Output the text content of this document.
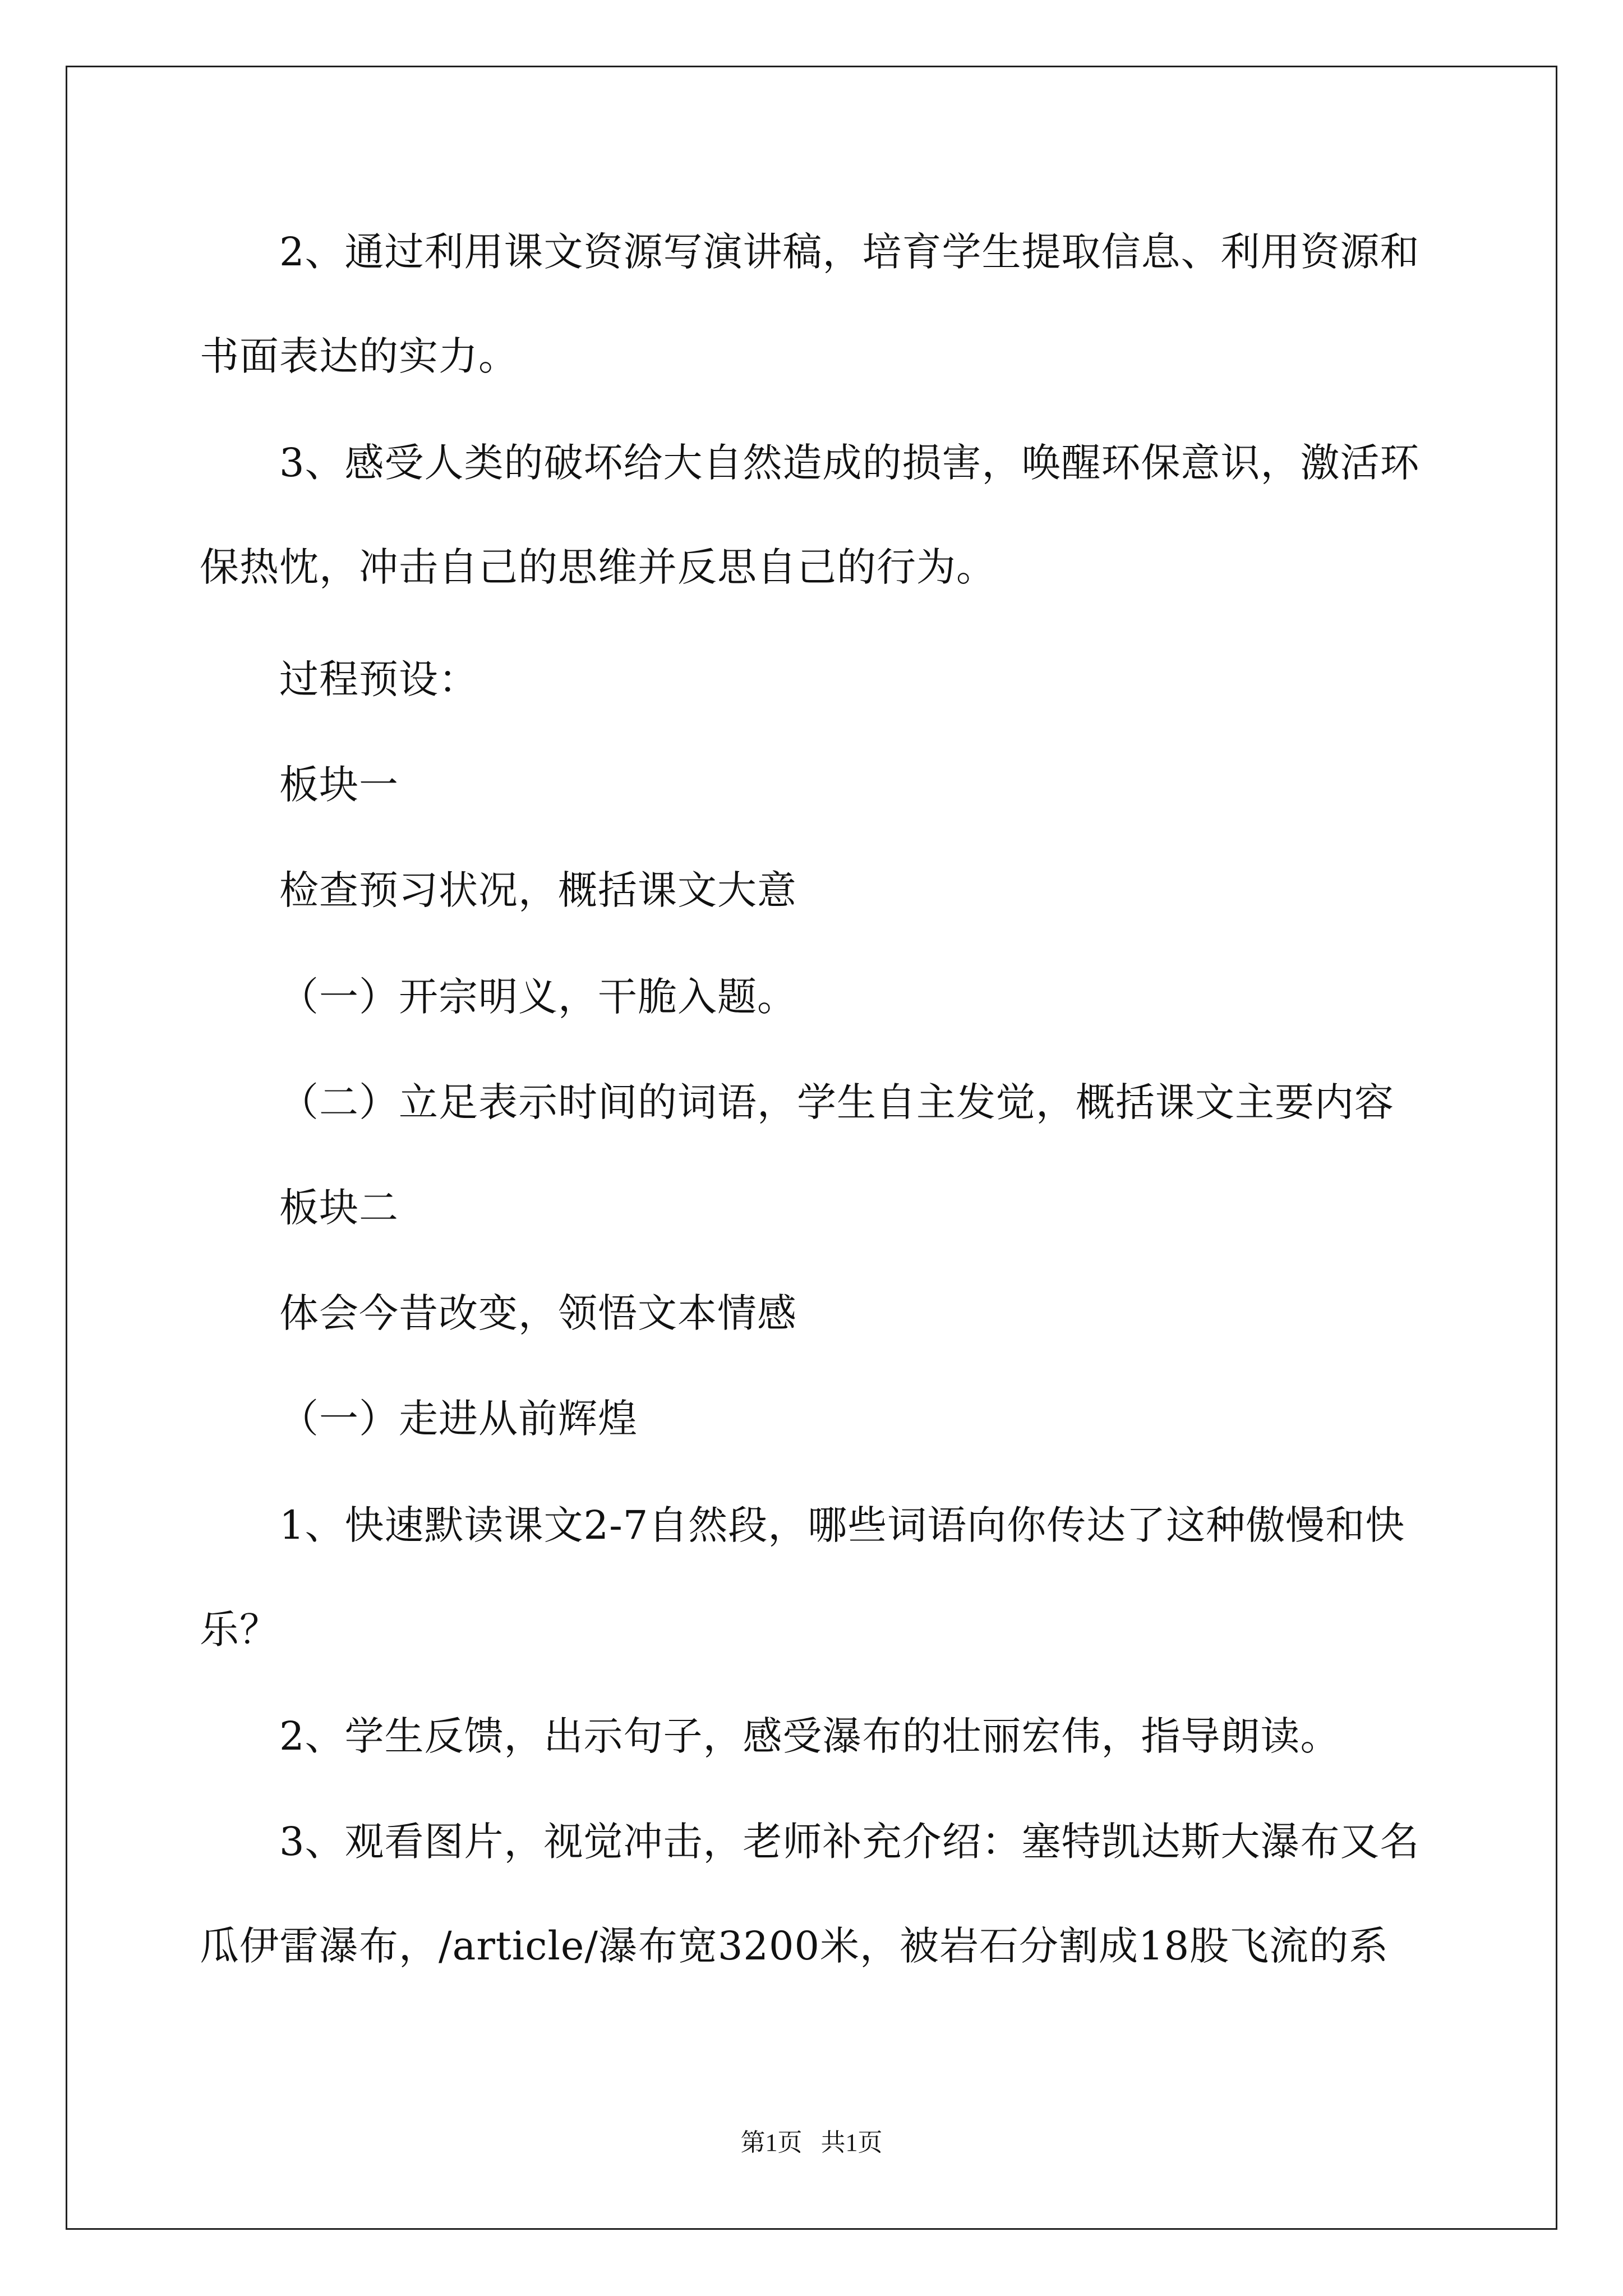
2、通过利用课文资源写演讲稿，培育学生提取信息、利用资源和
书面表达的实力。
3、感受人类的破坏给大自然造成的损害，唤醒环保意识，激活环
保热忱，冲击自己的思维并反思自己的行为。
过程预设：
板块一
检查预习状况，概括课文大意
（一）开宗明义，干脆入题。
（二）立足表示时间的词语，学生自主发觉，概括课文主要内容
板块二
体会今昔改变，领悟文本情感
（一）走进从前辉煌
1、快速默读课文2-7自然段，哪些词语向你传达了这种傲慢和快
乐？
2、学生反馈，出示句子，感受瀑布的壮丽宏伟，指导朗读。
3、观看图片，视觉冲击，老师补充介绍：塞特凯达斯大瀑布又名
瓜伊雷瀑布，/article/瀑布宽3200米，被岩石分割成18股飞流的系
第1页   共1页
